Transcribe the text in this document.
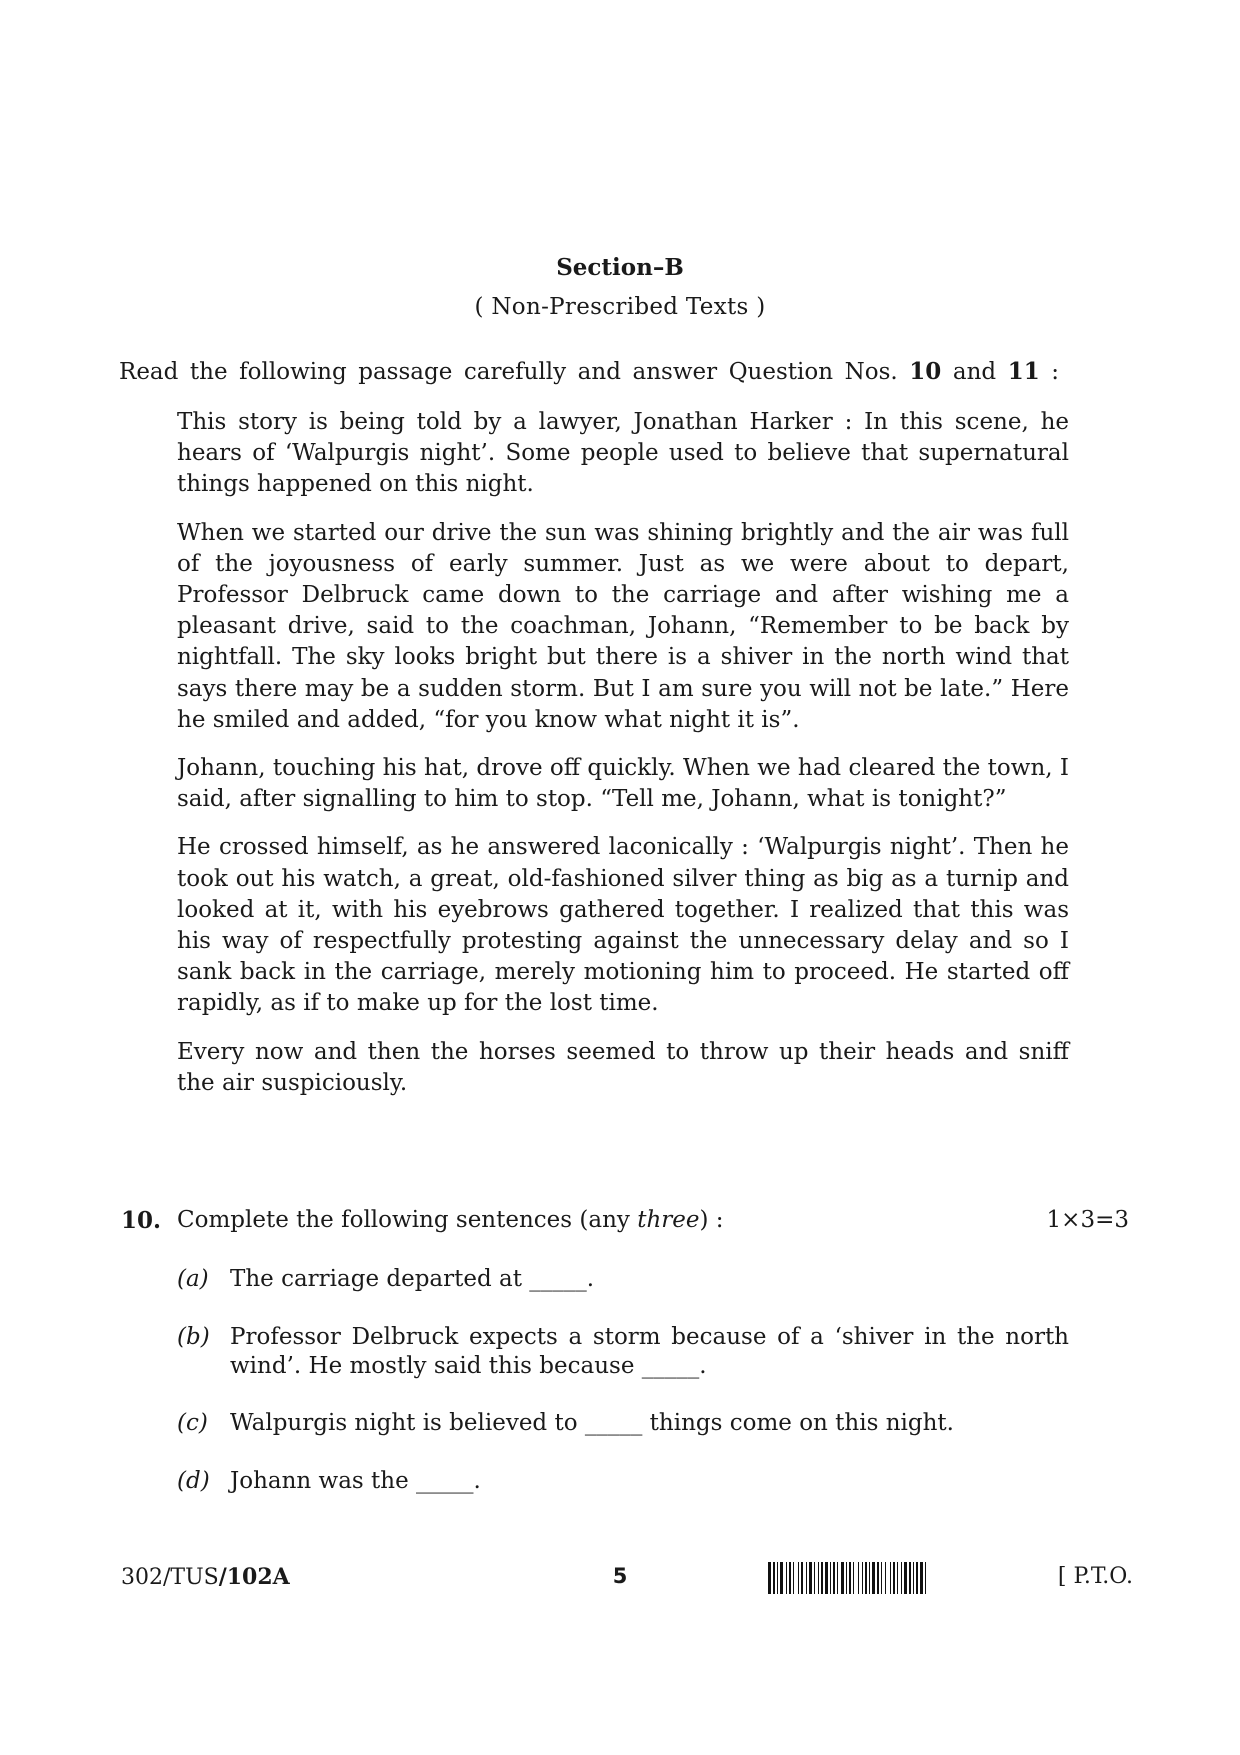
Section–B
( Non-Prescribed Texts )
Read the following passage carefully and answer Question Nos. 10 and 11 :

This story is being told by a lawyer, Jonathan Harker : In this scene, he hears of ‘Walpurgis night’. Some people used to believe that supernatural things happened on this night.

When we started our drive the sun was shining brightly and the air was full of the joyousness of early summer. Just as we were about to depart, Professor Delbruck came down to the carriage and after wishing me a pleasant drive, said to the coachman, Johann, “Remember to be back by nightfall. The sky looks bright but there is a shiver in the north wind that says there may be a sudden storm. But I am sure you will not be late.” Here he smiled and added, “for you know what night it is”.

Johann, touching his hat, drove off quickly. When we had cleared the town, I said, after signalling to him to stop. “Tell me, Johann, what is tonight?”

He crossed himself, as he answered laconically : ‘Walpurgis night’. Then he took out his watch, a great, old-fashioned silver thing as big as a turnip and looked at it, with his eyebrows gathered together. I realized that this was his way of respectfully protesting against the unnecessary delay and so I sank back in the carriage, merely motioning him to proceed. He started off rapidly, as if to make up for the lost time.

Every now and then the horses seemed to throw up their heads and sniff the air suspiciously.

10. Complete the following sentences (any three) :	1×3=3
(a) The carriage departed at _____.
(b) Professor Delbruck expects a storm because of a ‘shiver in the north wind’. He mostly said this because _____.
(c) Walpurgis night is believed to _____ things come on this night.
(d) Johann was the _____.
302/TUS/102A	5	[ P.T.O.
